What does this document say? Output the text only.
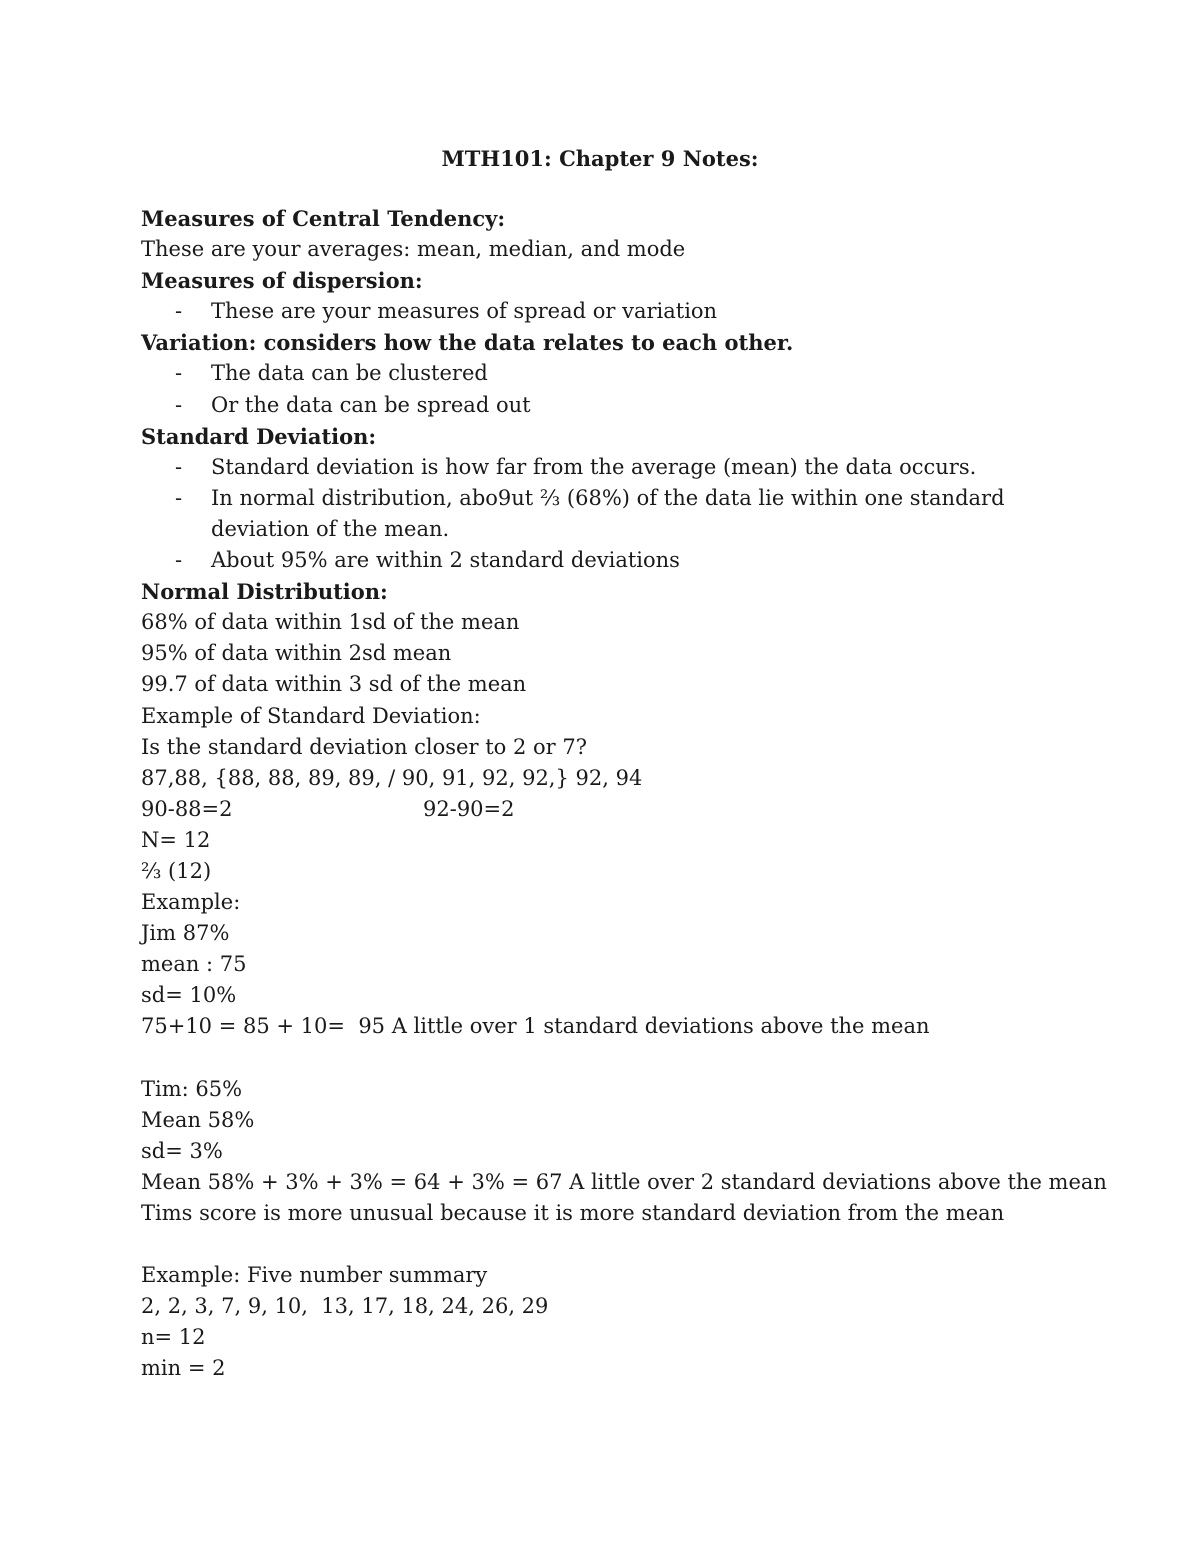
MTH101: Chapter 9 Notes:
Measures of Central Tendency:
These are your averages: mean, median, and mode
Measures of dispersion:
- These are your measures of spread or variation
Variation: considers how the data relates to each other.
- The data can be clustered
- Or the data can be spread out
Standard Deviation:
- Standard deviation is how far from the average (mean) the data occurs.
- In normal distribution, abo9ut ⅔ (68%) of the data lie within one standard deviation of the mean.
- About 95% are within 2 standard deviations
Normal Distribution:
68% of data within 1sd of the mean
95% of data within 2sd mean
99.7 of data within 3 sd of the mean
Example of Standard Deviation:
Is the standard deviation closer to 2 or 7?
87,88, {88, 88, 89, 89, / 90, 91, 92, 92,} 92, 94
90-88=2	92-90=2
N= 12
⅔ (12)
Example:
Jim 87%
mean : 75
sd= 10%
75+10 = 85 + 10=  95 A little over 1 standard deviations above the mean
Tim: 65%
Mean 58%
sd= 3%
Mean 58% + 3% + 3% = 64 + 3% = 67 A little over 2 standard deviations above the mean
Tims score is more unusual because it is more standard deviation from the mean
Example: Five number summary
2, 2, 3, 7, 9, 10,  13, 17, 18, 24, 26, 29
n= 12
min = 2
